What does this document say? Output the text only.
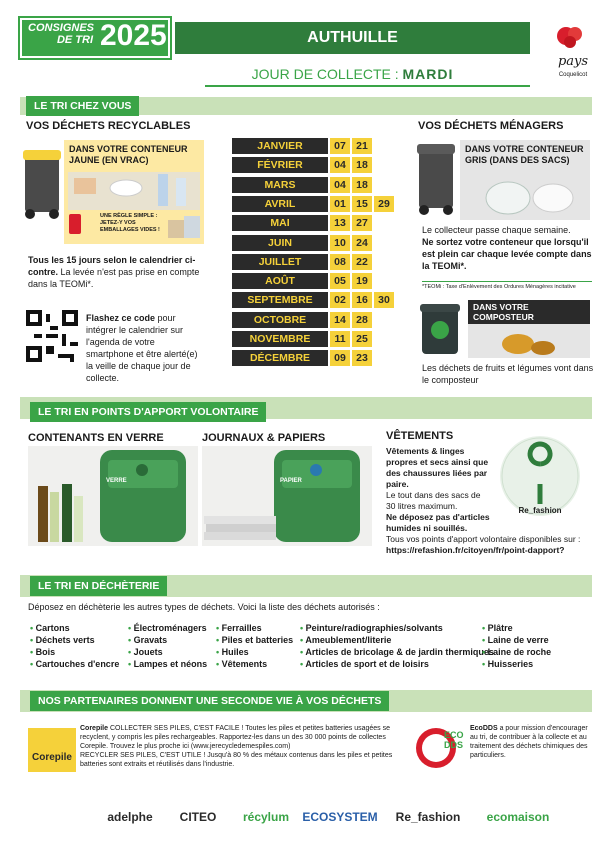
CONSIGNES
DE TRI 2025	AUTHUILLE
JOUR DE COLLECTE : MARDI
pays
Coquelicot
LE TRI CHEZ VOUS
VOS DÉCHETS RECYCLABLES
DANS VOTRE CONTENEUR JAUNE (EN VRAC)
UNE RÈGLE SIMPLE : JETEZ-Y VOS EMBALLAGES VIDES !
Tous les 15 jours selon le calendrier ci-contre. La levée n'est pas prise en compte dans la TEOMi*.
Flashez ce code pour intégrer le calendrier sur l'agenda de votre smartphone et être alerté(e) la veille de chaque jour de collecte.
JANVIER	07 21
FÉVRIER	04 18
MARS	04 18
AVRIL	01 15 29
MAI	13 27
JUIN	10 24
JUILLET	08 22
AOÛT	05 19
SEPTEMBRE	02 16 30
OCTOBRE	14 28
NOVEMBRE	11	25
DÉCEMBRE	09 23
VOS DÉCHETS MÉNAGERS
DANS VOTRE CONTENEUR GRIS (DANS DES SACS)
Le collecteur passe chaque semaine.
Ne sortez votre conteneur que lorsqu'il est plein car chaque levée compte dans la TEOMi*.
*TEOMi : Taxe d'Enlèvement des Ordures Ménagères incitative
DANS VOTRE COMPOSTEUR
Les déchets de fruits et légumes vont dans le composteur
LE TRI EN POINTS D'APPORT VOLONTAIRE
CONTENANTS EN VERRE
VERRE
JOURNAUX & PAPIERS
PAPIER
VÊTEMENTS
Vêtements & linges propres et secs ainsi que des chaussures liées par paire.
Le tout dans des sacs de 30 litres maximum.
Ne déposez pas d'articles humides ni souillés.
Tous vos points d'apport volontaire disponibles sur :
https://refashion.fr/citoyen/fr/point-dapport?
Re_fashion
LE TRI EN DÉCHÈTERIE
Déposez en déchèterie les autres types de déchets. Voici la liste des déchets autorisés :
• Cartons
• Déchets verts
• Bois
• Cartouches d'encre
• Électroménagers
• Gravats
• Jouets
• Lampes et néons
• Ferrailles
• Piles et batteries
• Huiles
• Vêtements
• Peinture/radiographies/solvants
• Ameublement/literie
• Articles de bricolage & de jardin thermiques
• Articles de sport et de loisirs
• Plâtre
• Laine de verre
• Laine de roche
• Huisseries
NOS PARTENAIRES DONNENT UNE SECONDE VIE À VOS DÉCHETS
Corepile
Corepile COLLECTER SES PILES, C'EST FACILE ! Toutes les piles et petites batteries usagées se recyclent, y compris les piles rechargeables. Rapportez-les dans un des 30 000 points de collectes Corepile. Trouvez le plus proche ici (www.jerecycledemespiles.com)
RECYCLER SES PILES, C'EST UTILE ! Jusqu'à 80 % des métaux contenus dans les piles et petites batteries sont extraits et réutilisés dans l'industrie.
ECO
DDS
EcoDDS a pour mission d'encourager au tri, de contribuer à la collecte et au traitement des déchets chimiques des particuliers.
adelphe	CITEO	récylum	ECOSYSTEM	Re_fashion	ecomaison
